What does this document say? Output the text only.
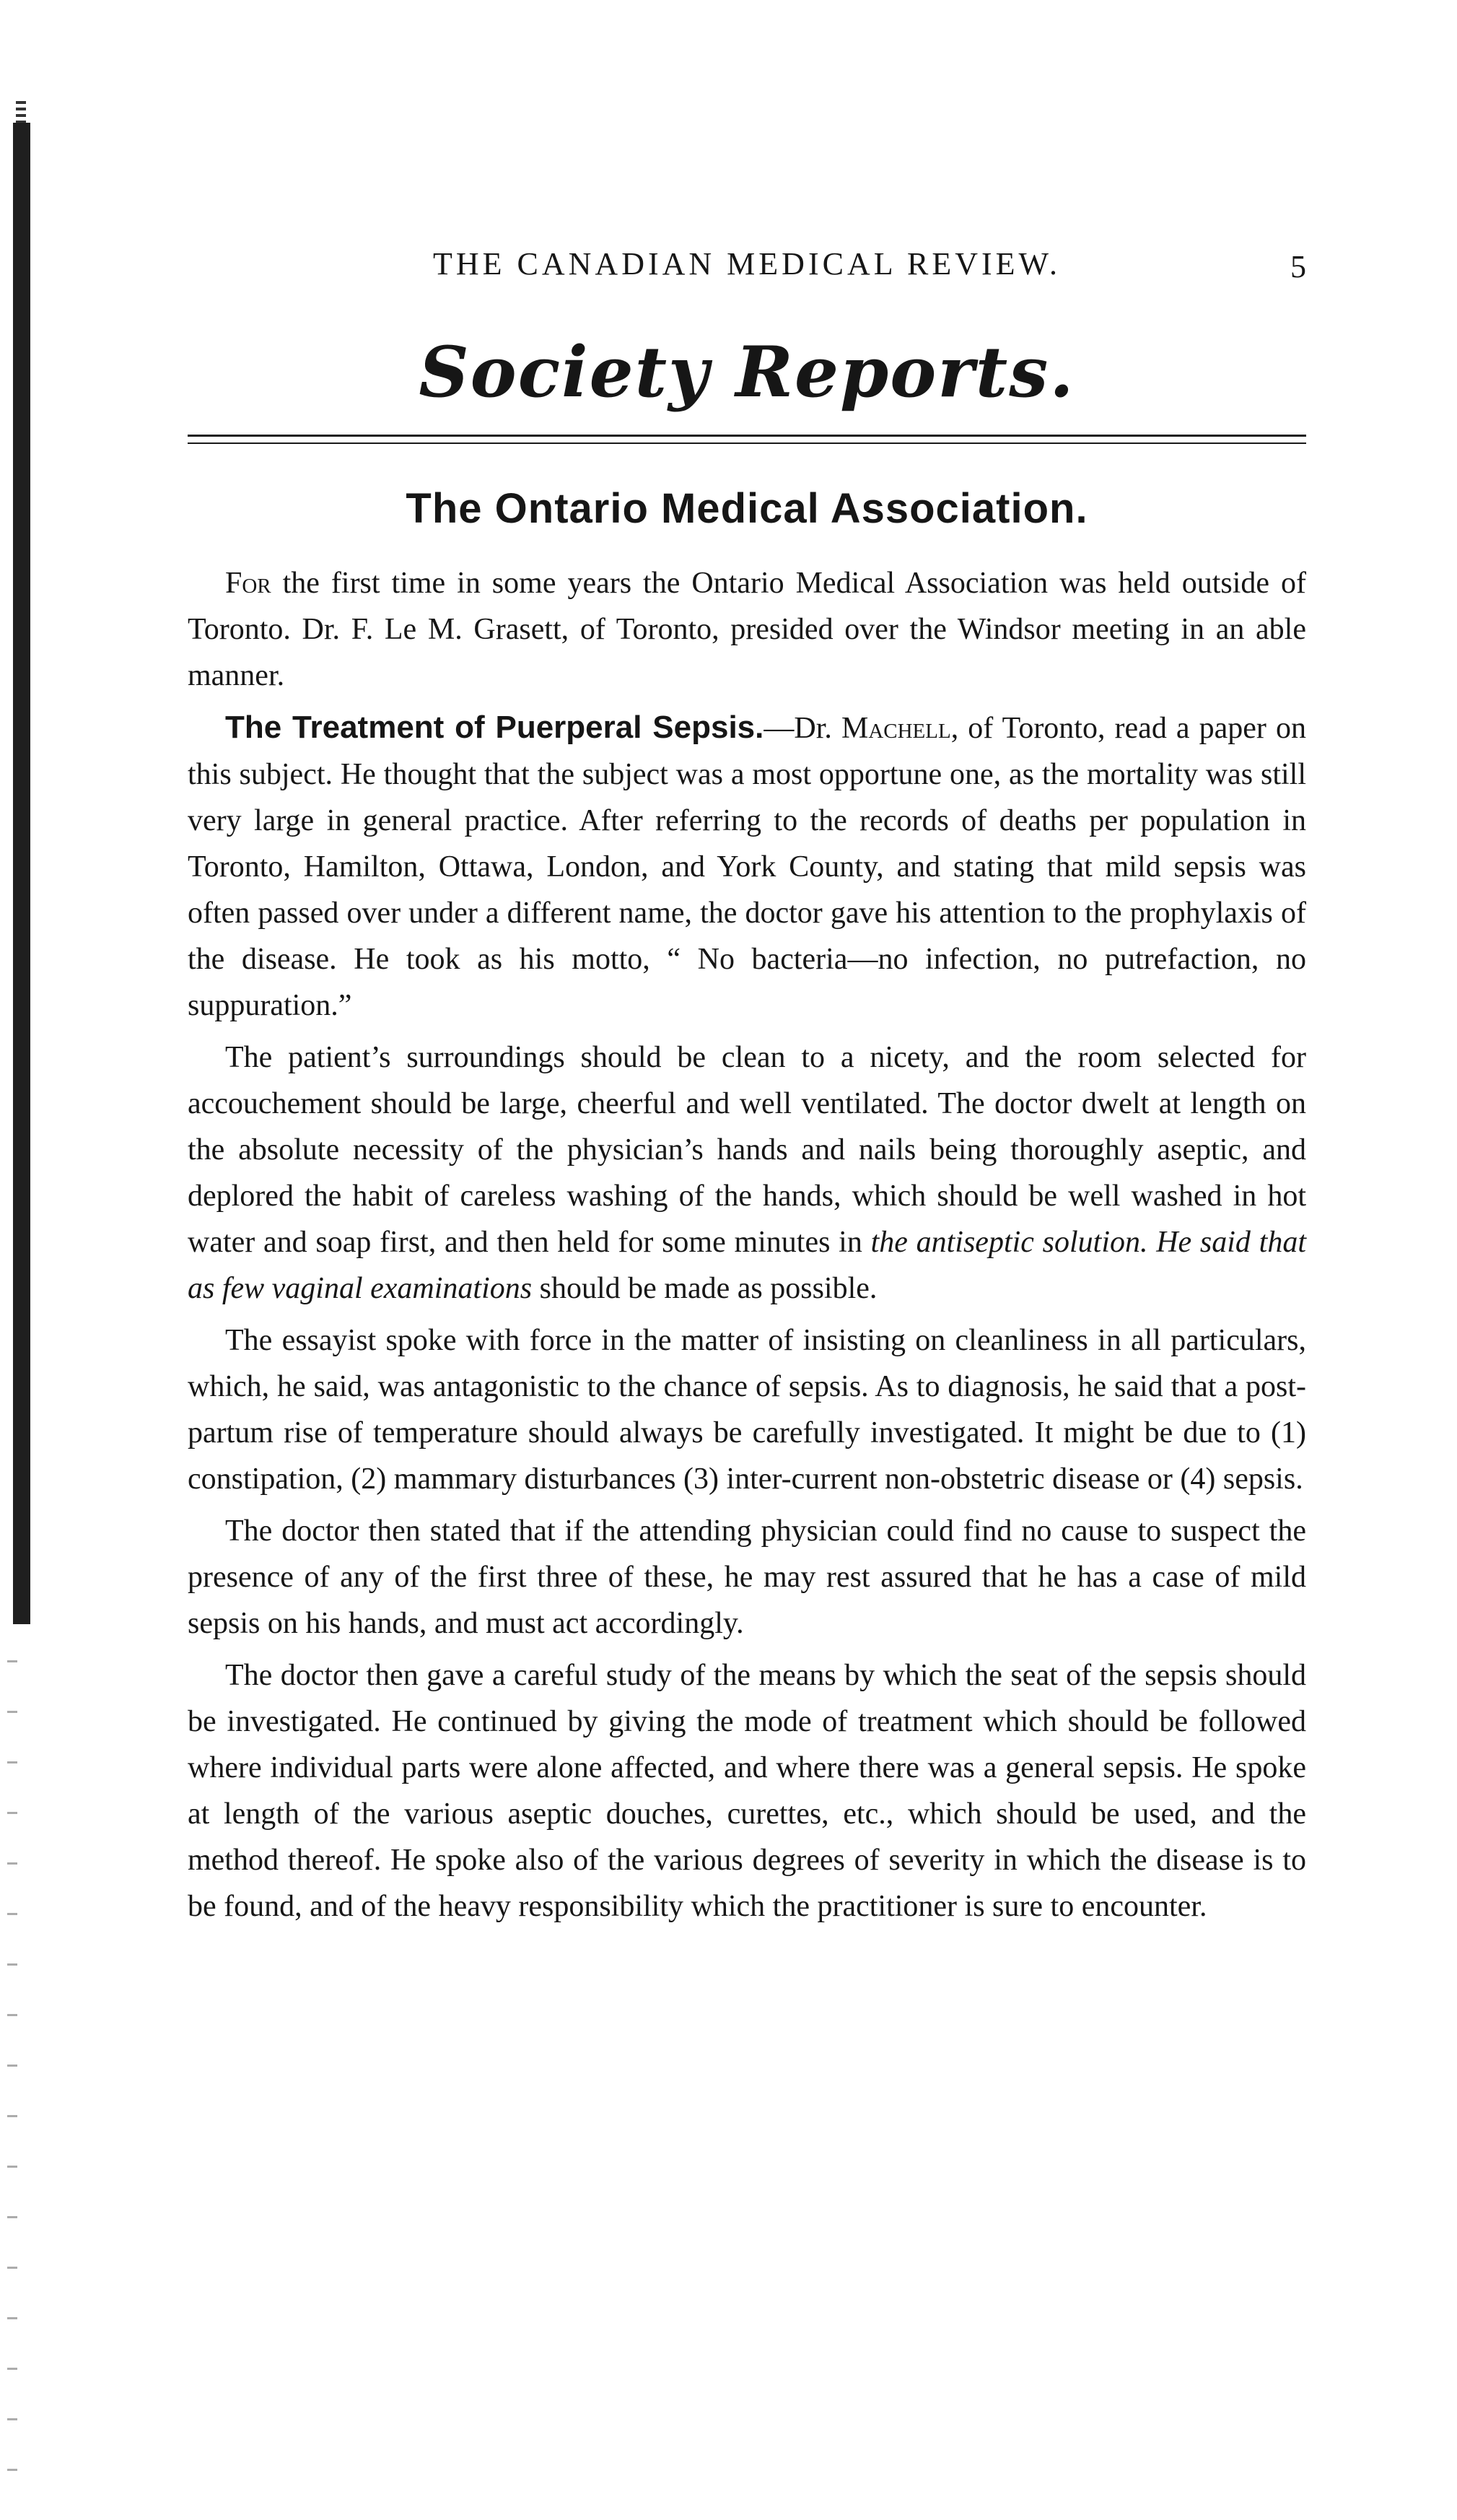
THE CANADIAN MEDICAL REVIEW.	5
Society Reports.
The Ontario Medical Association.

For the first time in some years the Ontario Medical Association was held outside of Toronto. Dr. F. Le M. Grasett, of Toronto, presided over the Windsor meeting in an able manner.

The Treatment of Puerperal Sepsis.—Dr. Machell, of Toronto, read a paper on this subject. He thought that the subject was a most opportune one, as the mortality was still very large in general practice. After referring to the records of deaths per population in Toronto, Hamilton, Ottawa, London, and York County, and stating that mild sepsis was often passed over under a different name, the doctor gave his attention to the prophylaxis of the disease. He took as his motto, “ No bacteria—no infection, no putrefaction, no suppuration.”

The patient’s surroundings should be clean to a nicety, and the room selected for accouchement should be large, cheerful and well ventilated. The doctor dwelt at length on the absolute necessity of the physician’s hands and nails being thoroughly aseptic, and deplored the habit of careless washing of the hands, which should be well washed in hot water and soap first, and then held for some minutes in the antiseptic solution. He said that as few vaginal examinations should be made as possible.

The essayist spoke with force in the matter of insisting on cleanliness in all particulars, which, he said, was antagonistic to the chance of sepsis. As to diagnosis, he said that a post-partum rise of temperature should always be carefully investigated. It might be due to (1) constipation, (2) mammary disturbances (3) inter-current non-obstetric disease or (4) sepsis.

The doctor then stated that if the attending physician could find no cause to suspect the presence of any of the first three of these, he may rest assured that he has a case of mild sepsis on his hands, and must act accordingly.

The doctor then gave a careful study of the means by which the seat of the sepsis should be investigated. He continued by giving the mode of treatment which should be followed where individual parts were alone affected, and where there was a general sepsis. He spoke at length of the various aseptic douches, curettes, etc., which should be used, and the method thereof. He spoke also of the various degrees of severity in which the disease is to be found, and of the heavy responsibility which the practitioner is sure to encounter.
